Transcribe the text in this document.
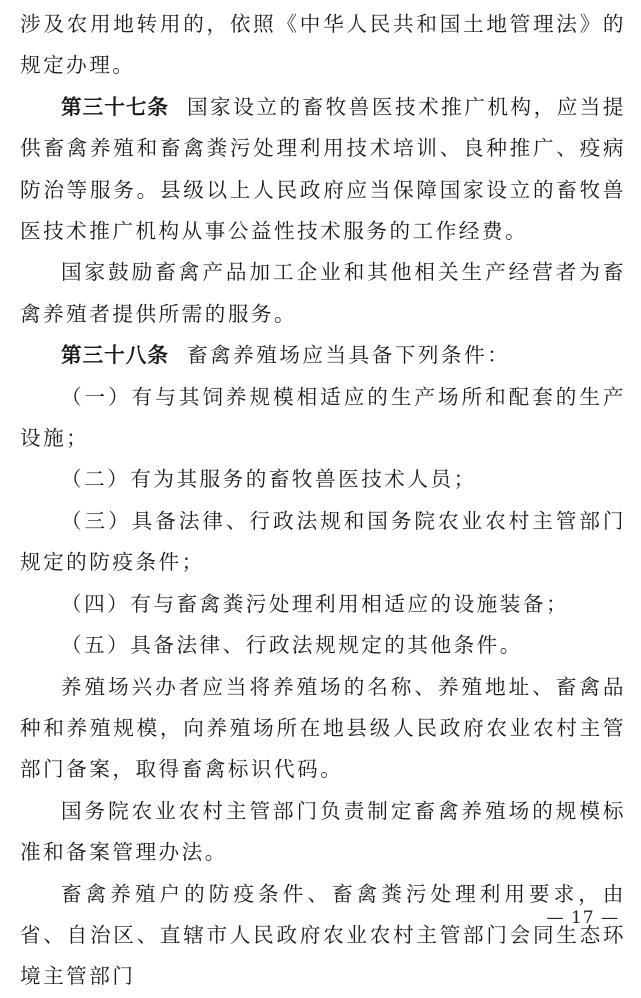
涉及农用地转用的，依照《中华人民共和国土地管理法》的规定办理。

第三十七条 国家设立的畜牧兽医技术推广机构，应当提供畜禽养殖和畜禽粪污处理利用技术培训、良种推广、疫病防治等服务。县级以上人民政府应当保障国家设立的畜牧兽医技术推广机构从事公益性技术服务的工作经费。

国家鼓励畜禽产品加工企业和其他相关生产经营者为畜禽养殖者提供所需的服务。

第三十八条 畜禽养殖场应当具备下列条件：

（一）有与其饲养规模相适应的生产场所和配套的生产设施；

（二）有为其服务的畜牧兽医技术人员；

（三）具备法律、行政法规和国务院农业农村主管部门规定的防疫条件；

（四）有与畜禽粪污处理利用相适应的设施装备；

（五）具备法律、行政法规规定的其他条件。

养殖场兴办者应当将养殖场的名称、养殖地址、畜禽品种和养殖规模，向养殖场所在地县级人民政府农业农村主管部门备案，取得畜禽标识代码。

国务院农业农村主管部门负责制定畜禽养殖场的规模标准和备案管理办法。

畜禽养殖户的防疫条件、畜禽粪污处理利用要求，由省、自治区、直辖市人民政府农业农村主管部门会同生态环境主管部门

— 17 —
